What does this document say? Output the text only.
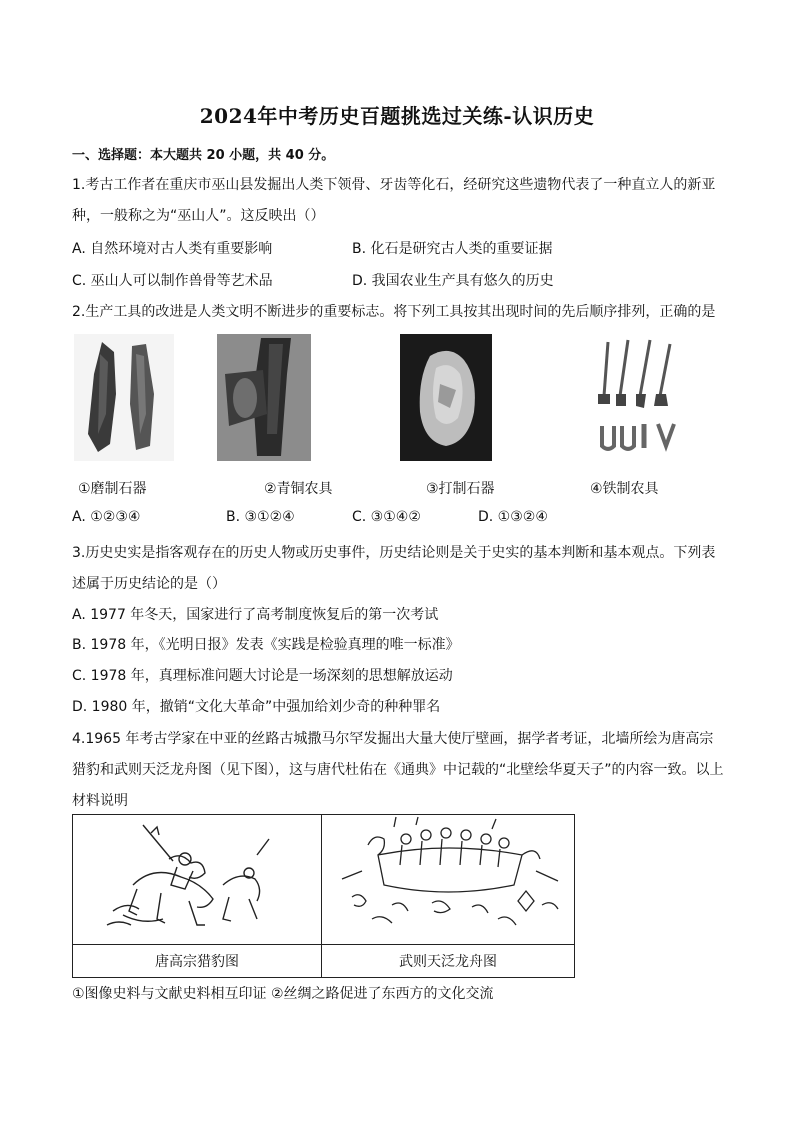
2024年中考历史百题挑选过关练-认识历史
一、选择题：本大题共 20 小题，共 40 分。
1.考古工作者在重庆市巫山县发掘出人类下领骨、牙齿等化石，经研究这些遗物代表了一种直立人的新亚种，一般称之为“巫山人”。这反映出（）
A. 自然环境对古人类有重要影响	B. 化石是研究古人类的重要证据
C. 巫山人可以制作兽骨等艺术品	D. 我国农业生产具有悠久的历史
2.生产工具的改进是人类文明不断进步的重要标志。将下列工具按其出现时间的先后顺序排列，正确的是
①磨制石器	②青铜农具	③打制石器	④铁制农具
A. ①②③④	B. ③①②④	C. ③①④②	D. ①③②④
3.历史史实是指客观存在的历史人物或历史事件，历史结论则是关于史实的基本判断和基本观点。下列表述属于历史结论的是（）
A. 1977 年冬天，国家进行了高考制度恢复后的第一次考试
B. 1978 年，《光明日报》发表《实践是检验真理的唯一标准》
C. 1978 年，真理标准问题大讨论是一场深刻的思想解放运动
D. 1980 年，撤销“文化大革命”中强加给刘少奇的种种罪名
4.1965 年考古学家在中亚的丝路古城撒马尔罕发掘出大量大使厅壁画，据学者考证，北墙所绘为唐高宗猎豹和武则天泛龙舟图（见下图），这与唐代杜佑在《通典》中记载的“北壁绘华夏天子”的内容一致。以上材料说明

唐高宗猎豹图	武则天泛龙舟图
①图像史料与文献史料相互印证 ②丝绸之路促进了东西方的文化交流
